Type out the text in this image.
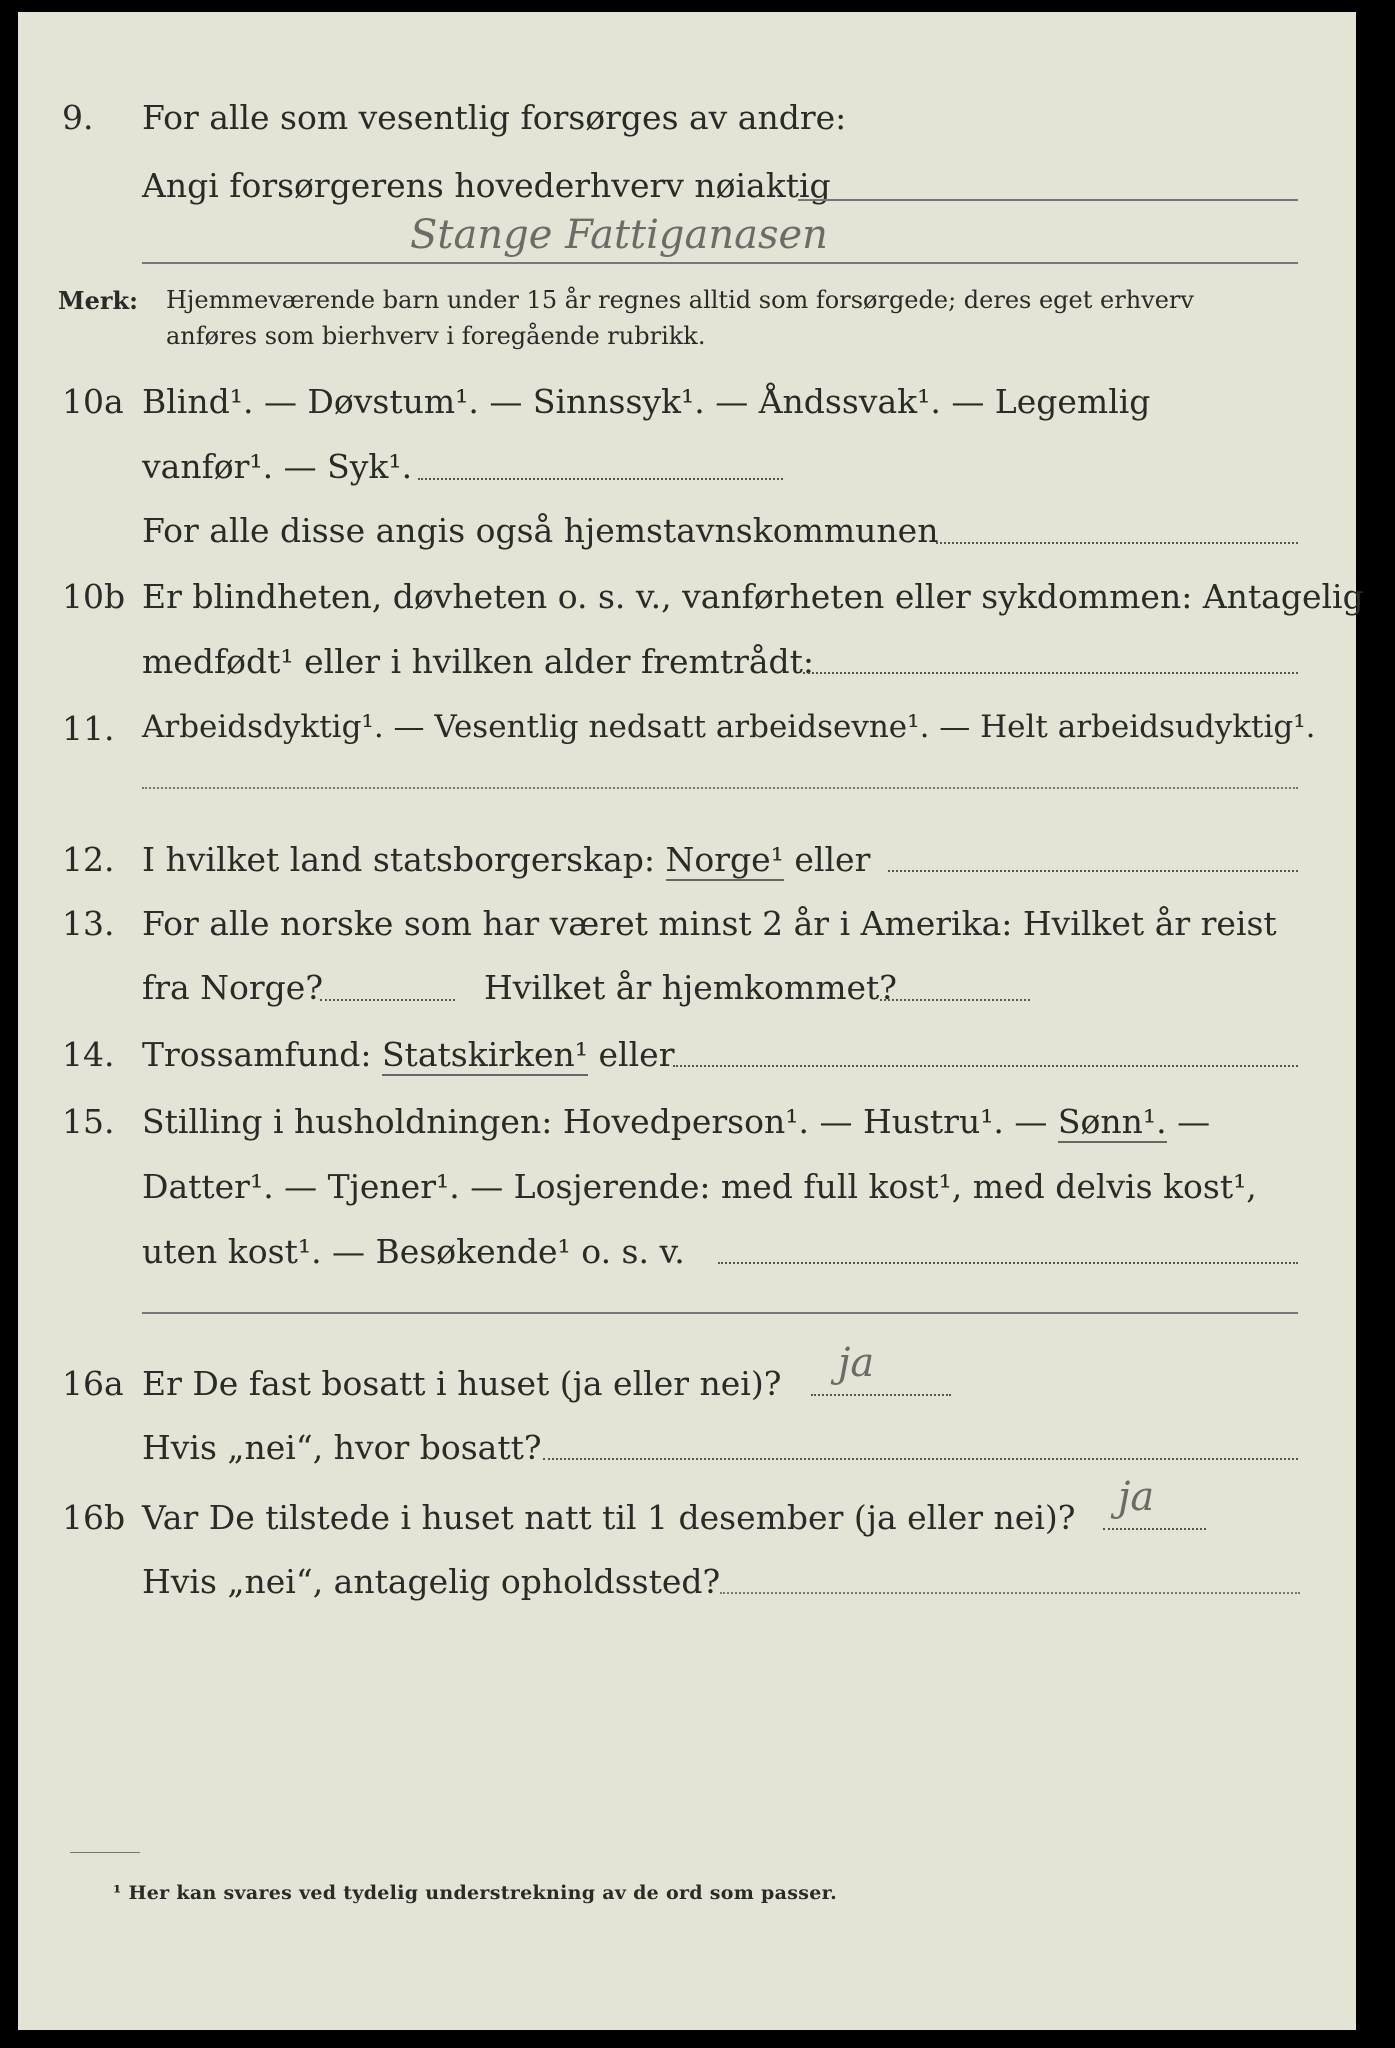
9. For alle som vesentlig forsørges av andre:
Angi forsørgerens hovederhverv nøiaktig
Stange Fattiganasen
Merk: Hjemmeværende barn under 15 år regnes alltid som forsørgede; deres eget erhverv
anføres som bierhverv i foregående rubrikk.
10a Blind¹. — Døvstum¹. — Sinnssyk¹. — Åndssvak¹. — Legemlig
vanfør¹. — Syk¹.
For alle disse angis også hjemstavnskommunen
10b Er blindheten, døvheten o. s. v., vanførheten eller sykdommen: Antagelig
medfødt¹ eller i hvilken alder fremtrådt:
11. Arbeidsdyktig¹. — Vesentlig nedsatt arbeidsevne¹. — Helt arbeidsudyktig¹.
12. I hvilket land statsborgerskap: Norge¹ eller
13. For alle norske som har været minst 2 år i Amerika: Hvilket år reist
fra Norge?	Hvilket år hjemkommet?
14. Trossamfund: Statskirken¹ eller
15. Stilling i husholdningen: Hovedperson¹. — Hustru¹. — Sønn¹. —
Datter¹. — Tjener¹. — Losjerende: med full kost¹, med delvis kost¹,
uten kost¹. — Besøkende¹ o. s. v.
16a Er De fast bosatt i huset (ja eller nei)? ja
Hvis „nei“, hvor bosatt?
16b Var De tilstede i huset natt til 1 desember (ja eller nei)? ja
Hvis „nei“, antagelig opholdssted?
¹ Her kan svares ved tydelig understrekning av de ord som passer.
